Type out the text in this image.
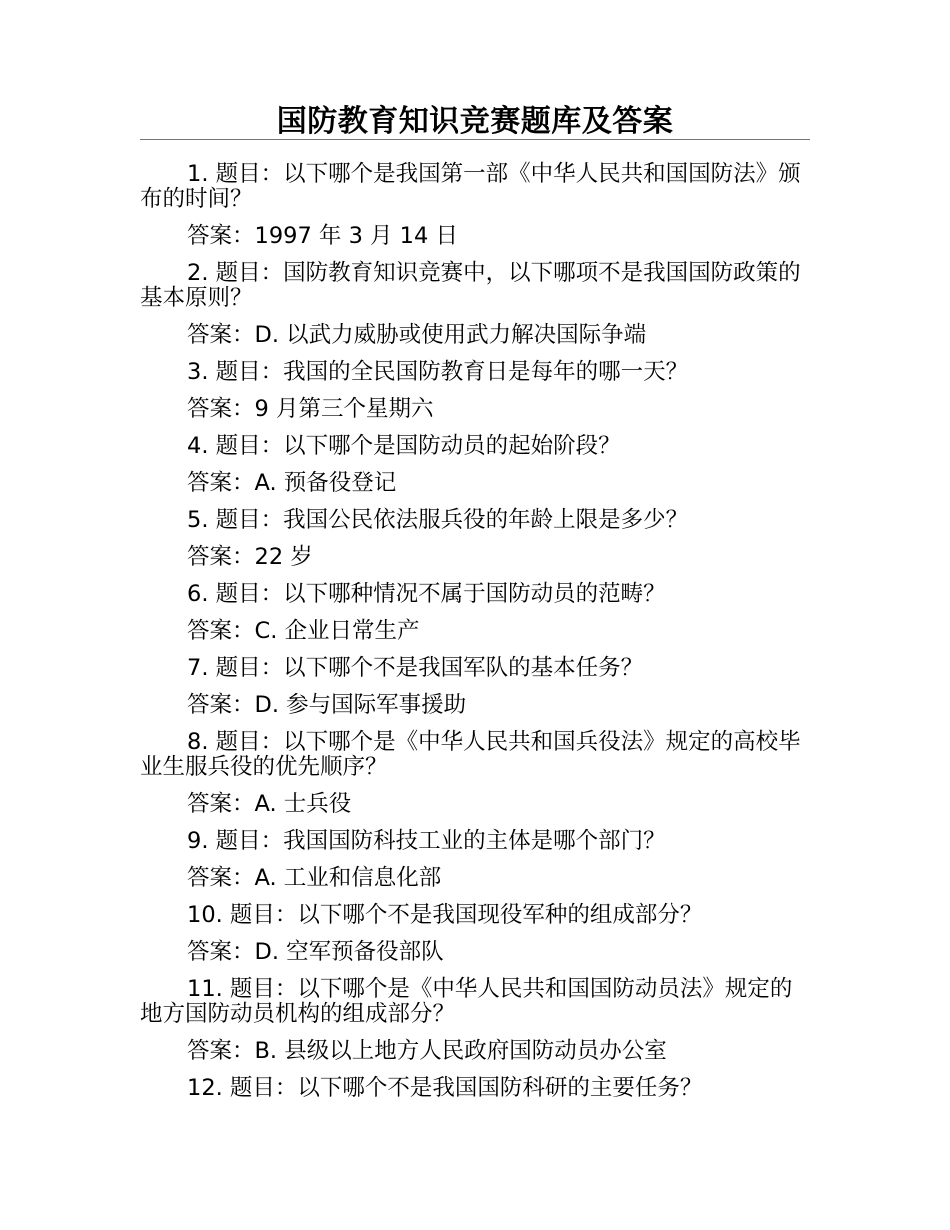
国防教育知识竞赛题库及答案

1. 题目：以下哪个是我国第一部《中华人民共和国国防法》颁布的时间？

答案：1997 年 3 月 14 日

2. 题目：国防教育知识竞赛中，以下哪项不是我国国防政策的基本原则？

答案：D. 以武力威胁或使用武力解决国际争端

3. 题目：我国的全民国防教育日是每年的哪一天？

答案：9 月第三个星期六

4. 题目：以下哪个是国防动员的起始阶段？

答案：A. 预备役登记

5. 题目：我国公民依法服兵役的年龄上限是多少？

答案：22 岁

6. 题目：以下哪种情况不属于国防动员的范畴？

答案：C. 企业日常生产

7. 题目：以下哪个不是我国军队的基本任务？

答案：D. 参与国际军事援助

8. 题目：以下哪个是《中华人民共和国兵役法》规定的高校毕业生服兵役的优先顺序？

答案：A. 士兵役

9. 题目：我国国防科技工业的主体是哪个部门？

答案：A. 工业和信息化部

10. 题目：以下哪个不是我国现役军种的组成部分？

答案：D. 空军预备役部队

11. 题目：以下哪个是《中华人民共和国国防动员法》规定的地方国防动员机构的组成部分？

答案：B. 县级以上地方人民政府国防动员办公室

12. 题目：以下哪个不是我国国防科研的主要任务？
